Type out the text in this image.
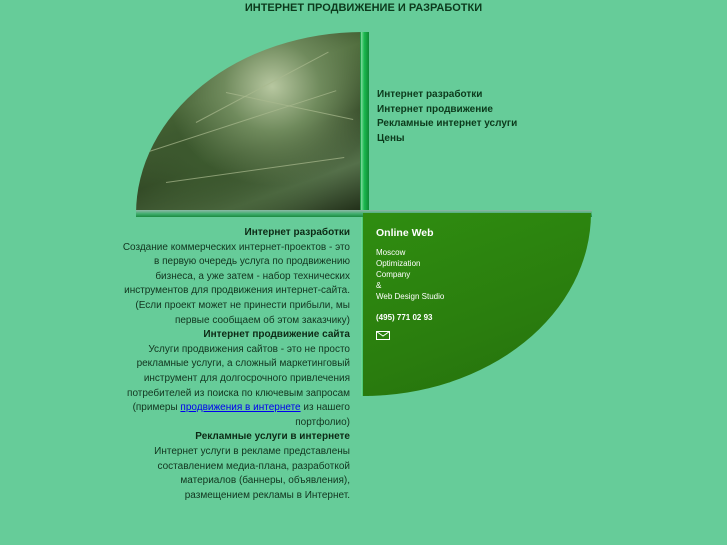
ИНТЕРНЕТ ПРОДВИЖЕНИЕ И РАЗРАБОТКИ
Интернет разработки
Интернет продвижение
Рекламные интернет услуги
Цены
Online Web
Moscow
Optimization
Company
&
Web Design Studio
(495) 771 02 93
Интернет разработки

Создание коммерческих интернет-проектов - это в первую очередь услуга по продвижению бизнеса, а уже затем - набор технических инструментов для продвижения интернет-сайта. (Если проект может не принести прибыли, мы первые сообщаем об этом заказчику)

Интернет продвижение сайта

Услуги продвижения сайтов - это не просто рекламные услуги, а сложный маркетинговый инструмент для долгосрочного привлечения потребителей из поиска по ключевым запросам (примеры продвижения в интернете из нашего портфолио)

Рекламные услуги в интернете

Интернет услуги в рекламе представлены составлением медиа-плана, разработкой материалов (баннеры, объявления), размещением рекламы в Интернет.
